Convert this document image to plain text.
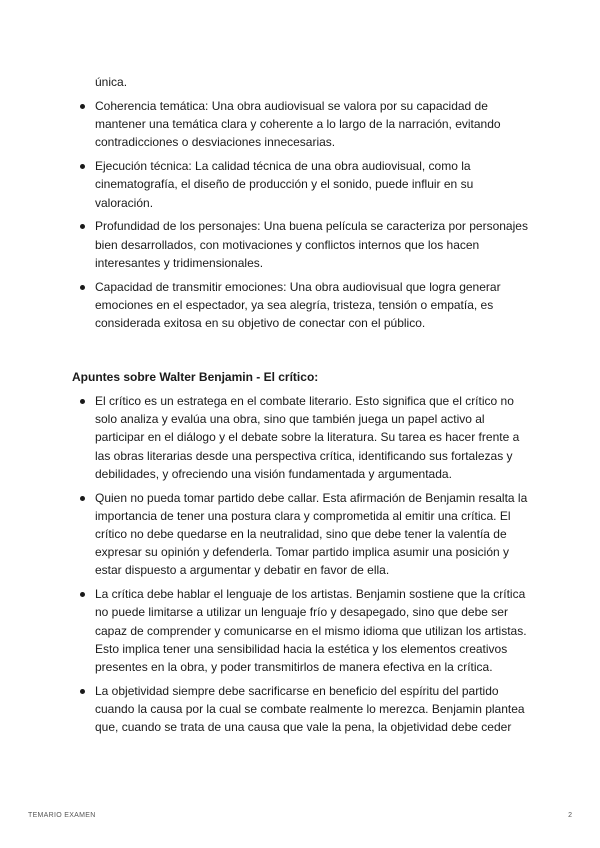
única.
Coherencia temática: Una obra audiovisual se valora por su capacidad de mantener una temática clara y coherente a lo largo de la narración, evitando contradicciones o desviaciones innecesarias.
Ejecución técnica: La calidad técnica de una obra audiovisual, como la cinematografía, el diseño de producción y el sonido, puede influir en su valoración.
Profundidad de los personajes: Una buena película se caracteriza por personajes bien desarrollados, con motivaciones y conflictos internos que los hacen interesantes y tridimensionales.
Capacidad de transmitir emociones: Una obra audiovisual que logra generar emociones en el espectador, ya sea alegría, tristeza, tensión o empatía, es considerada exitosa en su objetivo de conectar con el público.
Apuntes sobre Walter Benjamin - El crítico:
El crítico es un estratega en el combate literario. Esto significa que el crítico no solo analiza y evalúa una obra, sino que también juega un papel activo al participar en el diálogo y el debate sobre la literatura. Su tarea es hacer frente a las obras literarias desde una perspectiva crítica, identificando sus fortalezas y debilidades, y ofreciendo una visión fundamentada y argumentada.
Quien no pueda tomar partido debe callar. Esta afirmación de Benjamin resalta la importancia de tener una postura clara y comprometida al emitir una crítica. El crítico no debe quedarse en la neutralidad, sino que debe tener la valentía de expresar su opinión y defenderla. Tomar partido implica asumir una posición y estar dispuesto a argumentar y debatir en favor de ella.
La crítica debe hablar el lenguaje de los artistas. Benjamin sostiene que la crítica no puede limitarse a utilizar un lenguaje frío y desapegado, sino que debe ser capaz de comprender y comunicarse en el mismo idioma que utilizan los artistas. Esto implica tener una sensibilidad hacia la estética y los elementos creativos presentes en la obra, y poder transmitirlos de manera efectiva en la crítica.
La objetividad siempre debe sacrificarse en beneficio del espíritu del partido cuando la causa por la cual se combate realmente lo merezca. Benjamin plantea que, cuando se trata de una causa que vale la pena, la objetividad debe ceder
TEMARIO EXAMEN	2
